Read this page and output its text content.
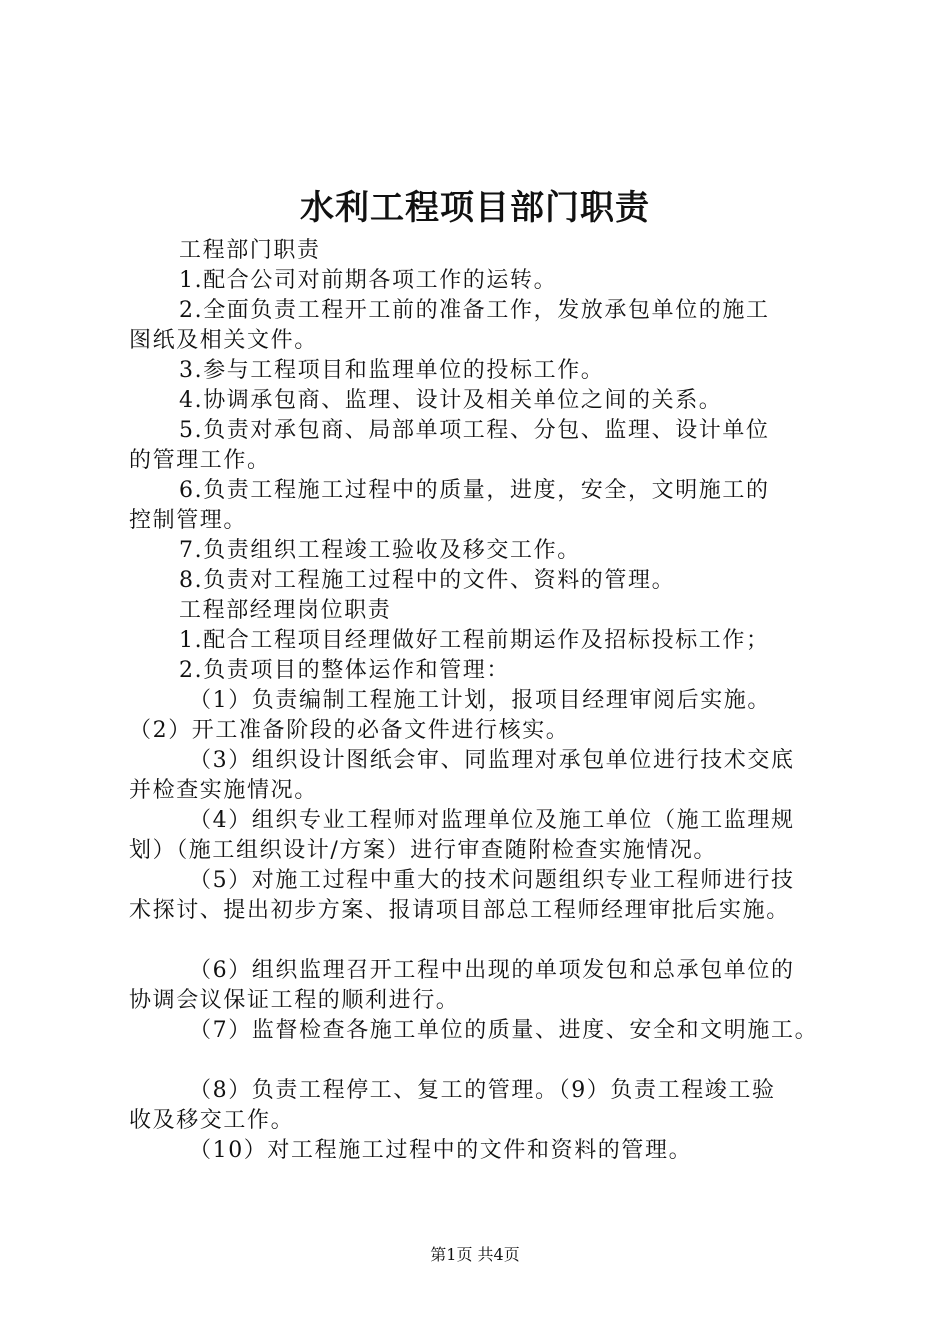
水利工程项目部门职责
工程部门职责
1.配合公司对前期各项工作的运转。
2.全面负责工程开工前的准备工作，发放承包单位的施工
图纸及相关文件。
3.参与工程项目和监理单位的投标工作。
4.协调承包商、监理、设计及相关单位之间的关系。
5.负责对承包商、局部单项工程、分包、监理、设计单位
的管理工作。
6.负责工程施工过程中的质量，进度，安全，文明施工的
控制管理。
7.负责组织工程竣工验收及移交工作。
8.负责对工程施工过程中的文件、资料的管理。
工程部经理岗位职责
1.配合工程项目经理做好工程前期运作及招标投标工作；
2.负责项目的整体运作和管理：
（1）负责编制工程施工计划，报项目经理审阅后实施。
（2）开工准备阶段的必备文件进行核实。
（3）组织设计图纸会审、同监理对承包单位进行技术交底
并检查实施情况。
（4）组织专业工程师对监理单位及施工单位（施工监理规
划）（施工组织设计/方案）进行审查随附检查实施情况。
（5）对施工过程中重大的技术问题组织专业工程师进行技
术探讨、提出初步方案、报请项目部总工程师经理审批后实施。
（6）组织监理召开工程中出现的单项发包和总承包单位的
协调会议保证工程的顺利进行。
（7）监督检查各施工单位的质量、进度、安全和文明施工。
（8）负责工程停工、复工的管理。（9）负责工程竣工验
收及移交工作。
（10）对工程施工过程中的文件和资料的管理。
第1页 共4页
